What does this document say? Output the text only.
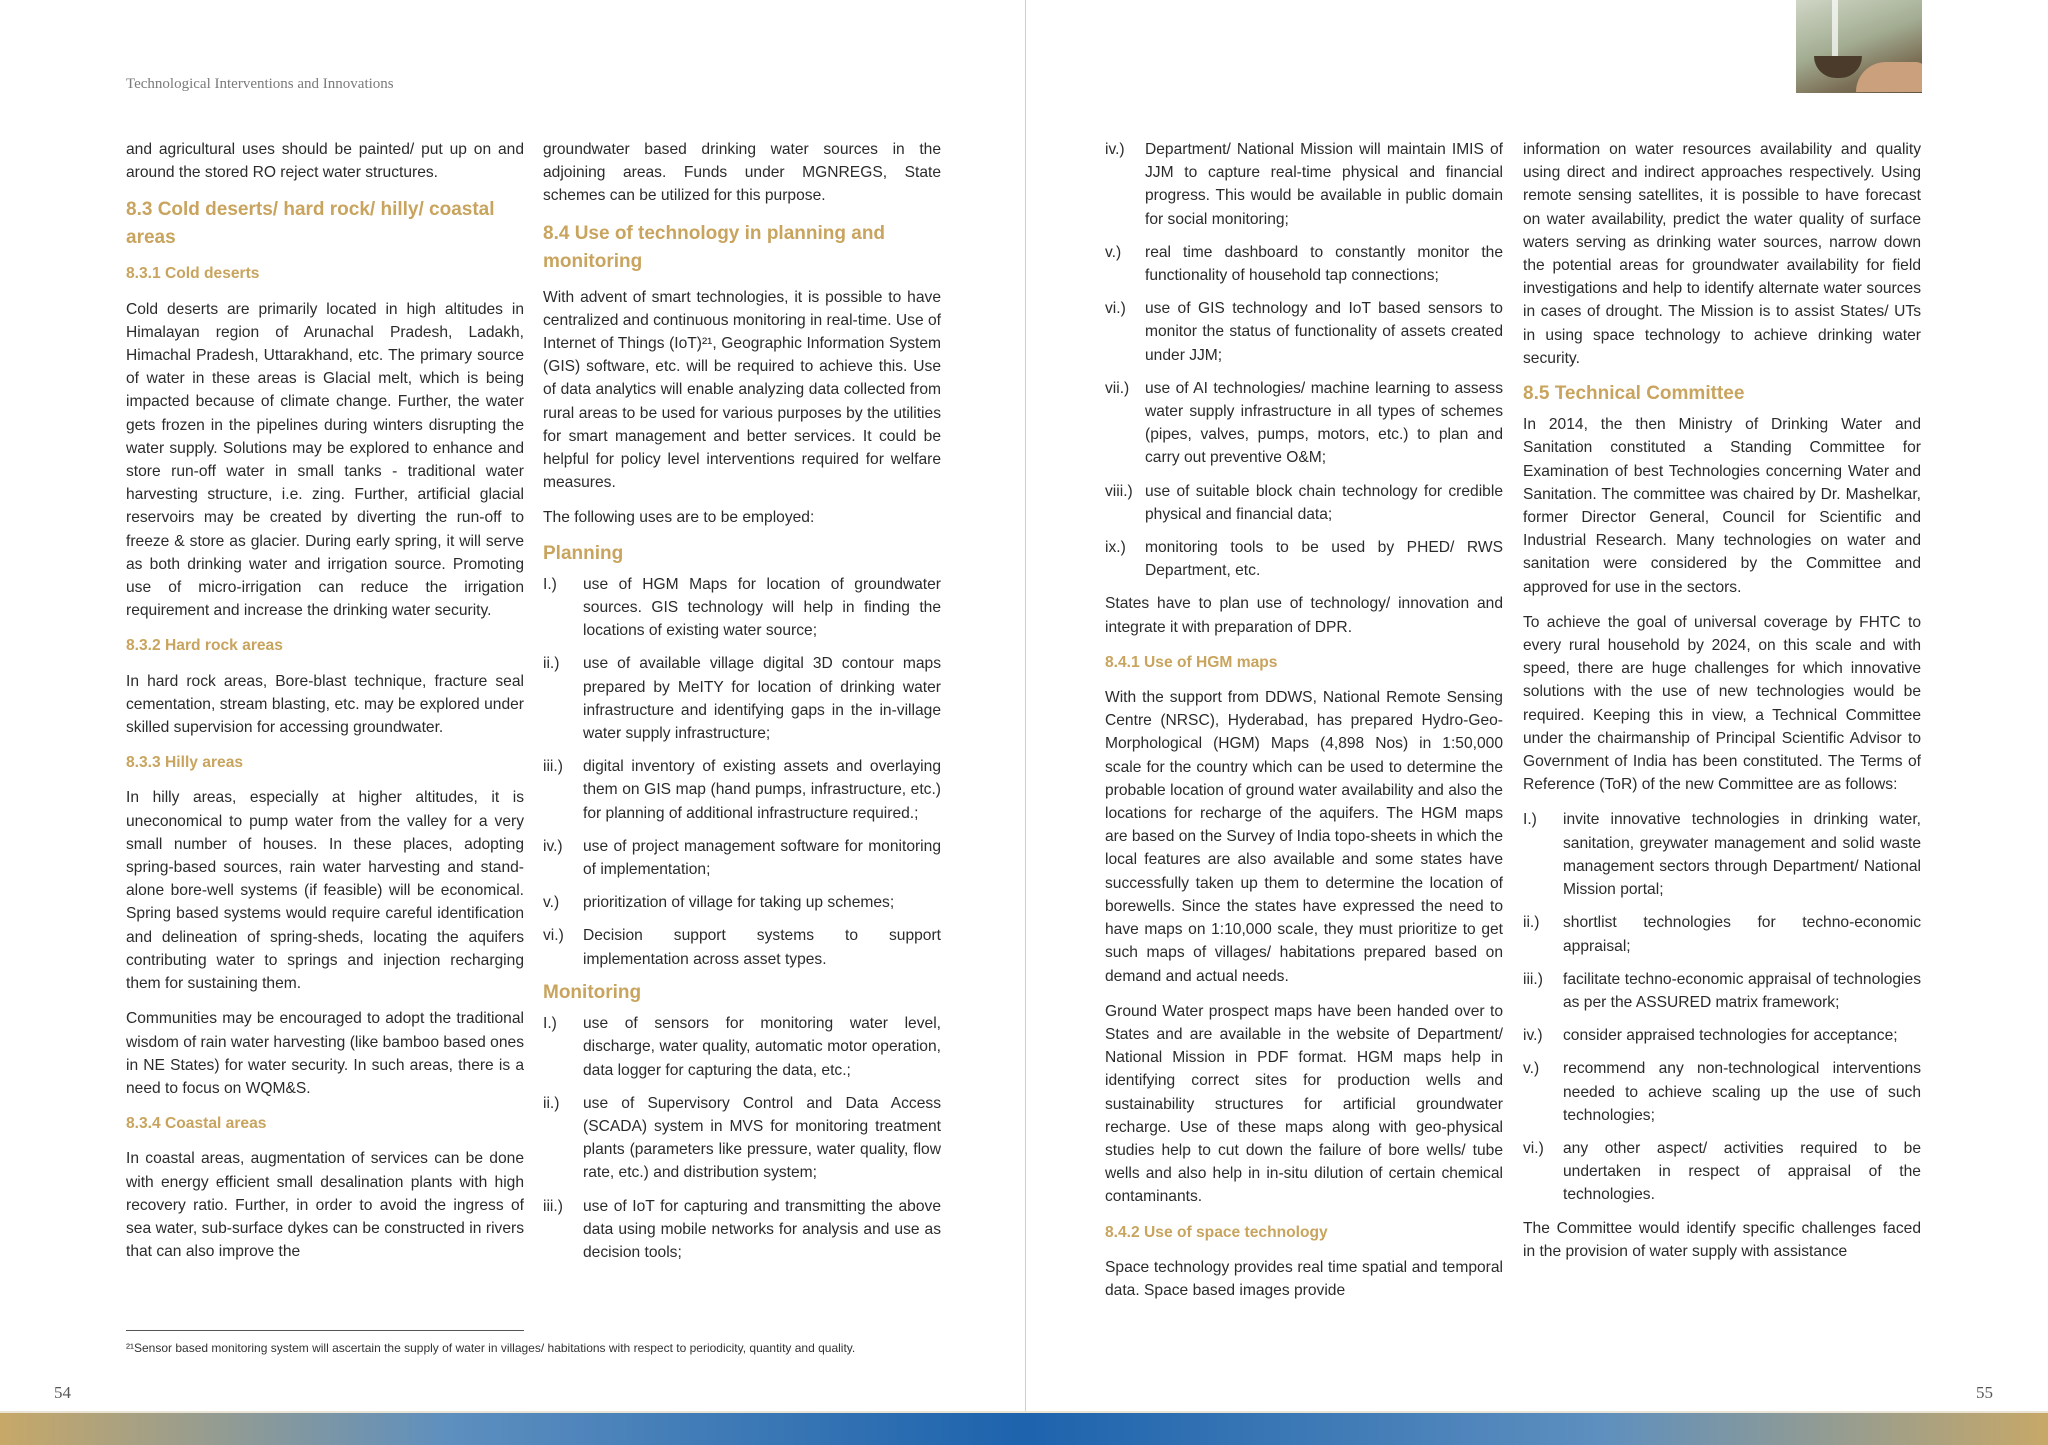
Technological Interventions and Innovations

and agricultural uses should be painted/ put up on and around the stored RO reject water structures.

8.3 Cold deserts/ hard rock/ hilly/ coastal areas
8.3.1 Cold deserts

Cold deserts are primarily located in high altitudes in Himalayan region of Arunachal Pradesh, Ladakh, Himachal Pradesh, Uttarakhand, etc. The primary source of water in these areas is Glacial melt, which is being impacted because of climate change. Further, the water gets frozen in the pipelines during winters disrupting the water supply. Solutions may be explored to enhance and store run-off water in small tanks - traditional water harvesting structure, i.e. zing. Further, artificial glacial reservoirs may be created by diverting the run-off to freeze & store as glacier. During early spring, it will serve as both drinking water and irrigation source. Promoting use of micro-irrigation can reduce the irrigation requirement and increase the drinking water security.

8.3.2 Hard rock areas

In hard rock areas, Bore-blast technique, fracture seal cementation, stream blasting, etc. may be explored under skilled supervision for accessing groundwater.

8.3.3 Hilly areas

In hilly areas, especially at higher altitudes, it is uneconomical to pump water from the valley for a very small number of houses. In these places, adopting spring-based sources, rain water harvesting and stand-alone bore-well systems (if feasible) will be economical. Spring based systems would require careful identification and delineation of spring-sheds, locating the aquifers contributing water to springs and injection recharging them for sustaining them.

Communities may be encouraged to adopt the traditional wisdom of rain water harvesting (like bamboo based ones in NE States) for water security. In such areas, there is a need to focus on WQM&S.

8.3.4 Coastal areas

In coastal areas, augmentation of services can be done with energy efficient small desalination plants with high recovery ratio. Further, in order to avoid the ingress of sea water, sub-surface dykes can be constructed in rivers that can also improve the

groundwater based drinking water sources in the adjoining areas. Funds under MGNREGS, State schemes can be utilized for this purpose.

8.4 Use of technology in planning and monitoring

With advent of smart technologies, it is possible to have centralized and continuous monitoring in real-time. Use of Internet of Things (IoT)²¹, Geographic Information System (GIS) software, etc. will be required to achieve this. Use of data analytics will enable analyzing data collected from rural areas to be used for various purposes by the utilities for smart management and better services. It could be helpful for policy level interventions required for welfare measures.

The following uses are to be employed:

Planning
I.)	use of HGM Maps for location of groundwater sources. GIS technology will help in finding the locations of existing water source;
ii.)	use of available village digital 3D contour maps prepared by MeITY for location of drinking water infrastructure and identifying gaps in the in-village water supply infrastructure;
iii.)	digital inventory of existing assets and overlaying them on GIS map (hand pumps, infrastructure, etc.) for planning of additional infrastructure required.;
iv.)	use of project management software for monitoring of implementation;
v.)	prioritization of village for taking up schemes;
vi.)	Decision support systems to support implementation across asset types.
Monitoring
I.)	use of sensors for monitoring water level, discharge, water quality, automatic motor operation, data logger for capturing the data, etc.;
ii.)	use of Supervisory Control and Data Access (SCADA) system in MVS for monitoring treatment plants (parameters like pressure, water quality, flow rate, etc.) and distribution system;
iii.)	use of IoT for capturing and transmitting the above data using mobile networks for analysis and use as decision tools;
iv.)	Department/ National Mission will maintain IMIS of JJM to capture real-time physical and financial progress. This would be available in public domain for social monitoring;
v.)	real time dashboard to constantly monitor the functionality of household tap connections;
vi.)	use of GIS technology and IoT based sensors to monitor the status of functionality of assets created under JJM;
vii.)	use of AI technologies/ machine learning to assess water supply infrastructure in all types of schemes (pipes, valves, pumps, motors, etc.) to plan and carry out preventive O&M;
viii.) use of suitable block chain technology for credible physical and financial data;
ix.)	monitoring tools to be used by PHED/ RWS Department, etc.

States have to plan use of technology/ innovation and integrate it with preparation of DPR.

8.4.1 Use of HGM maps

With the support from DDWS, National Remote Sensing Centre (NRSC), Hyderabad, has prepared Hydro-Geo-Morphological (HGM) Maps (4,898 Nos) in 1:50,000 scale for the country which can be used to determine the probable location of ground water availability and also the locations for recharge of the aquifers. The HGM maps are based on the Survey of India topo-sheets in which the local features are also available and some states have successfully taken up them to determine the location of borewells. Since the states have expressed the need to have maps on 1:10,000 scale, they must prioritize to get such maps of villages/ habitations prepared based on demand and actual needs.

Ground Water prospect maps have been handed over to States and are available in the website of Department/ National Mission in PDF format. HGM maps help in identifying correct sites for production wells and sustainability structures for artificial groundwater recharge. Use of these maps along with geo-physical studies help to cut down the failure of bore wells/ tube wells and also help in in-situ dilution of certain chemical contaminants.

8.4.2 Use of space technology

Space technology provides real time spatial and temporal data. Space based images provide

information on water resources availability and quality using direct and indirect approaches respectively. Using remote sensing satellites, it is possible to have forecast on water availability, predict the water quality of surface waters serving as drinking water sources, narrow down the potential areas for groundwater availability for field investigations and help to identify alternate water sources in cases of drought. The Mission is to assist States/ UTs in using space technology to achieve drinking water security.

8.5 Technical Committee

In 2014, the then Ministry of Drinking Water and Sanitation constituted a Standing Committee for Examination of best Technologies concerning Water and Sanitation. The committee was chaired by Dr. Mashelkar, former Director General, Council for Scientific and Industrial Research. Many technologies on water and sanitation were considered by the Committee and approved for use in the sectors.

To achieve the goal of universal coverage by FHTC to every rural household by 2024, on this scale and with speed, there are huge challenges for which innovative solutions with the use of new technologies would be required. Keeping this in view, a Technical Committee under the chairmanship of Principal Scientific Advisor to Government of India has been constituted. The Terms of Reference (ToR) of the new Committee are as follows:

I.)	invite innovative technologies in drinking water, sanitation, greywater management and solid waste management sectors through Department/ National Mission portal;
ii.)	shortlist technologies for techno-economic appraisal;
iii.)	facilitate techno-economic appraisal of technologies as per the ASSURED matrix framework;
iv.)	consider appraised technologies for acceptance;
v.)	recommend any non-technological interventions needed to achieve scaling up the use of such technologies;
vi.)	any other aspect/ activities required to be undertaken in respect of appraisal of the technologies.

The Committee would identify specific challenges faced in the provision of water supply with assistance

²¹Sensor based monitoring system will ascertain the supply of water in villages/ habitations with respect to periodicity, quantity and quality.
54	55
